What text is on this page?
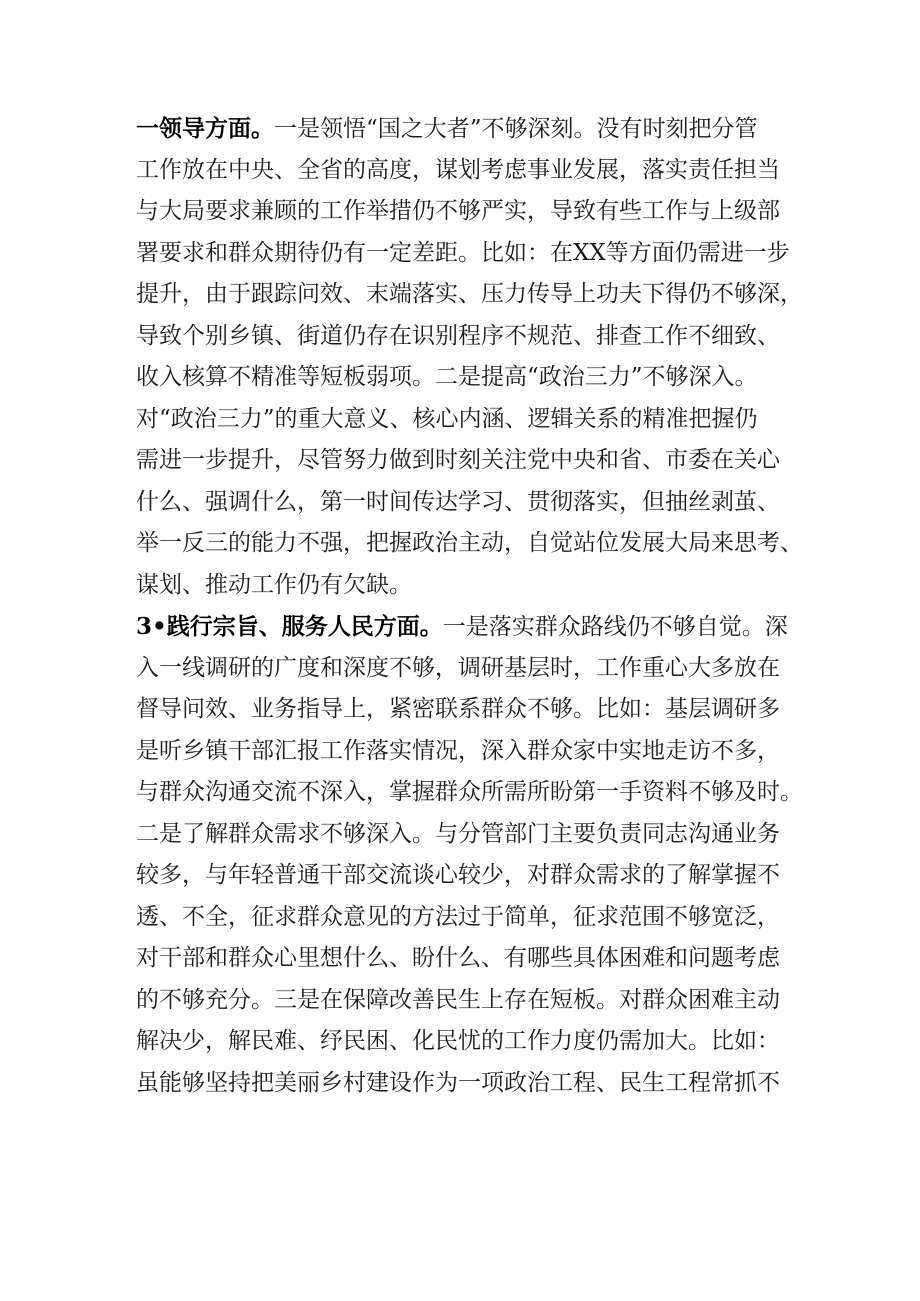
一领导方面。一是领悟“国之大者”不够深刻。没有时刻把分管
工作放在中央、全省的高度，谋划考虑事业发展，落实责任担当
与大局要求兼顾的工作举措仍不够严实，导致有些工作与上级部
署要求和群众期待仍有一定差距。比如：在XX等方面仍需进一步
提升，由于跟踪问效、末端落实、压力传导上功夫下得仍不够深，
导致个别乡镇、街道仍存在识别程序不规范、排查工作不细致、
收入核算不精准等短板弱项。二是提高“政治三力”不够深入。
对“政治三力”的重大意义、核心内涵、逻辑关系的精准把握仍
需进一步提升，尽管努力做到时刻关注党中央和省、市委在关心
什么、强调什么，第一时间传达学习、贯彻落实，但抽丝剥茧、
举一反三的能力不强，把握政治主动，自觉站位发展大局来思考、
谋划、推动工作仍有欠缺。
3•践行宗旨、服务人民方面。一是落实群众路线仍不够自觉。深
入一线调研的广度和深度不够，调研基层时，工作重心大多放在
督导问效、业务指导上，紧密联系群众不够。比如：基层调研多
是听乡镇干部汇报工作落实情况，深入群众家中实地走访不多，
与群众沟通交流不深入，掌握群众所需所盼第一手资料不够及时。
二是了解群众需求不够深入。与分管部门主要负责同志沟通业务
较多，与年轻普通干部交流谈心较少，对群众需求的了解掌握不
透、不全，征求群众意见的方法过于简单，征求范围不够宽泛，
对干部和群众心里想什么、盼什么、有哪些具体困难和问题考虑
的不够充分。三是在保障改善民生上存在短板。对群众困难主动
解决少，解民难、纾民困、化民忧的工作力度仍需加大。比如：
虽能够坚持把美丽乡村建设作为一项政治工程、民生工程常抓不
